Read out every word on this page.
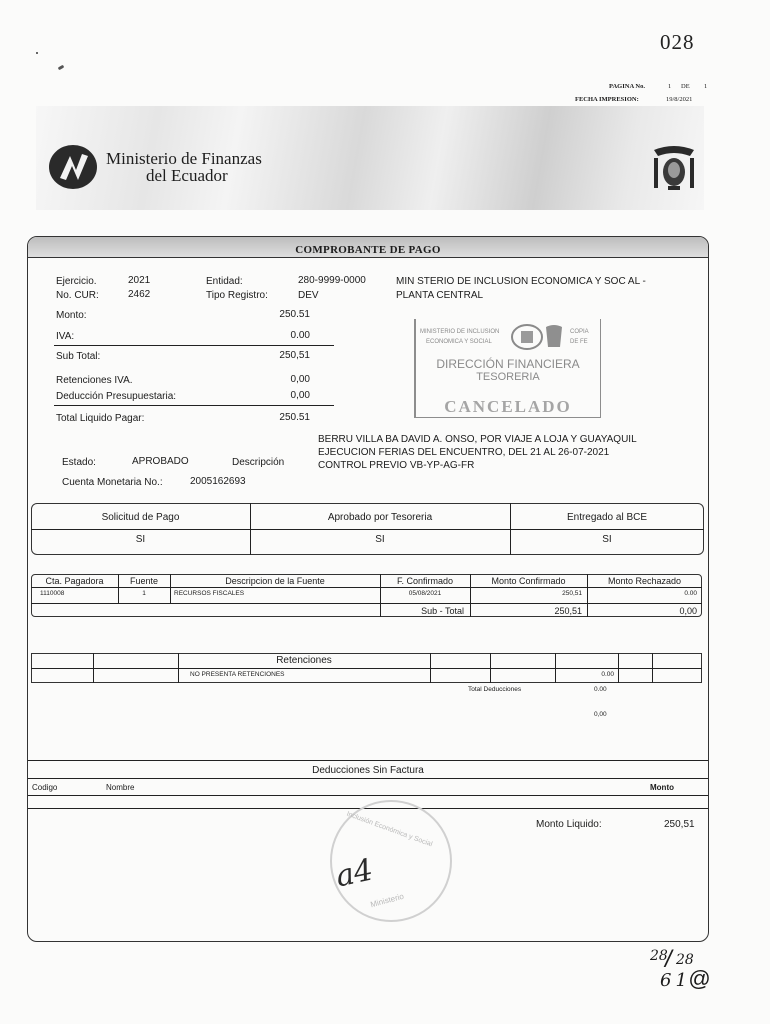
028
PAGINA No.	1 DE 1
FECHA IMPRESION:	19/8/2021
Ministerio de Finanzas
del Ecuador
COMPROBANTE DE PAGO
Ejercicio.	2021
No. CUR:	2462
Entidad:	280-9999-0000
Tipo Registro:	DEV
MIN STERIO DE INCLUSION ECONOMICA Y SOC AL -
PLANTA CENTRAL
Monto:	250.51
IVA:	0.00
Sub Total:	250,51
Retenciones IVA.	0,00
Deducción Presupuestaria:	0,00
Total Liquido Pagar:	250.51
MINISTERIO DE INCLUSION
ECONOMICA Y SOCIAL
COPIA
DE FE
DIRECCIÓN FINANCIERA
TESORERIA
CANCELADO
BERRU VILLA BA DAVID A. ONSO, POR VIAJE A LOJA Y GUAYAQUIL
EJECUCION FERIAS DEL ENCUENTRO, DEL 21 AL 26-07-2021
CONTROL PREVIO VB-YP-AG-FR
Estado:	APROBADO	Descripción
Cuenta Monetaria No.:	2005162693
Solicitud de Pago	Aprobado por Tesoreria	Entregado al BCE
SI	SI	SI
Cta. Pagadora	Fuente	Descripcion de la Fuente	F. Confirmado	Monto Confirmado	Monto Rechazado
1110008	1	RECURSOS FISCALES	05/08/2021	250,51	0.00
Sub - Total	250,51	0,00
Retenciones
NO PRESENTA RETENCIONES	0.00
Total Deducciones	0.00
0,00
Deducciones Sin Factura
Codigo	Nombre	Monto
Monto Liquido:	250,51
Inclusión Económica y Social
Ministerio
a4
28
/ 28
61
@
